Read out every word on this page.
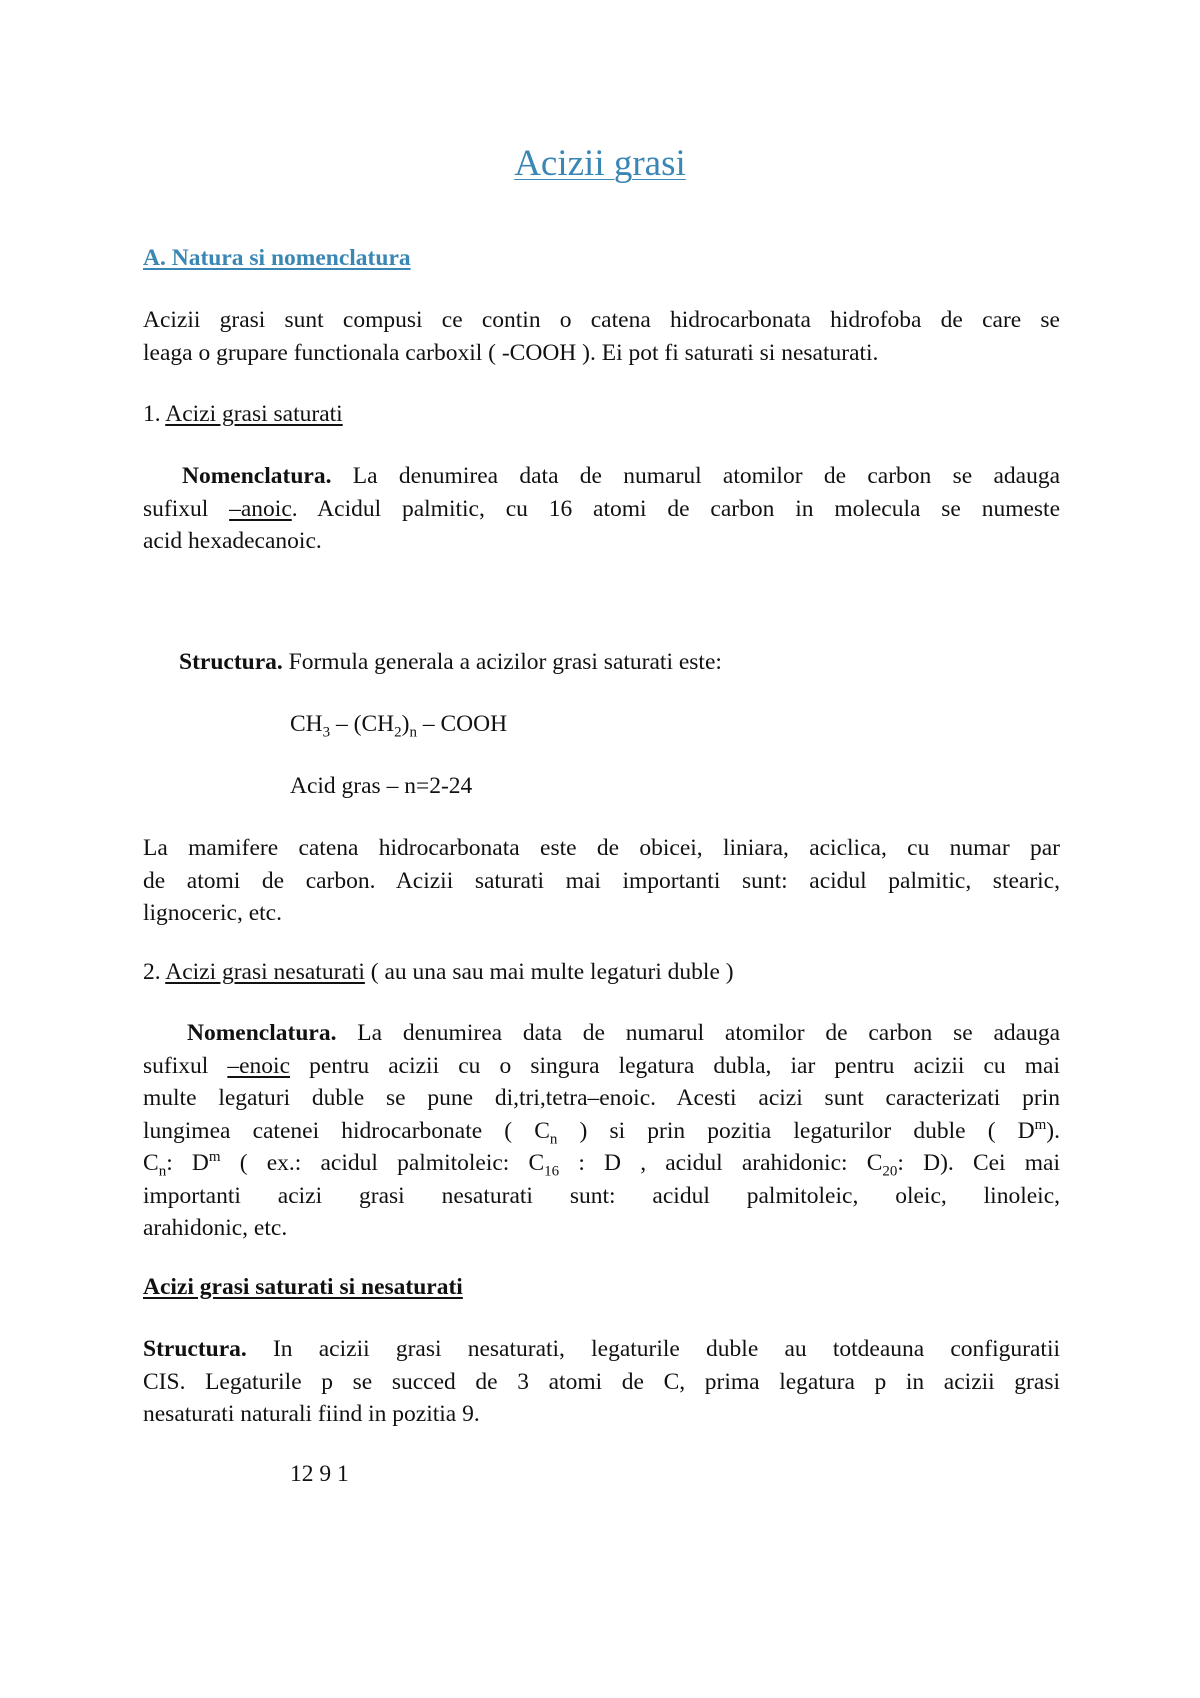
Acizii grasi
A. Natura si nomenclatura
Acizii grasi sunt compusi ce contin o catena hidrocarbonata hidrofoba de care se
leaga o grupare functionala carboxil ( -COOH ). Ei pot fi saturati si nesaturati.
1. Acizi grasi saturati
Nomenclatura. La denumirea data de numarul atomilor de carbon se adauga
sufixul –anoic. Acidul palmitic, cu 16 atomi de carbon in molecula se numeste
acid hexadecanoic.
Structura. Formula generala a acizilor grasi saturati este:
$CH_3 - (CH_2)_n$ – COOH
Acid gras – n=2-24
La mamifere catena hidrocarbonata este de obicei, liniara, aciclica, cu numar par
de atomi de carbon. Acizii saturati mai importanti sunt: acidul palmitic, stearic,
lignoceric, etc.
2. Acizi grasi nesaturati ( au una sau mai multe legaturi duble )
Nomenclatura. La denumirea data de numarul atomilor de carbon se adauga
sufixul –enoic pentru acizii cu o singura legatura dubla, iar pentru acizii cu mai
multe legaturi duble se pune di,tri,tetra–enoic. Acesti acizi sunt caracterizati prin
lungimea catenei hidrocarbonate ( $C_n$ ) si prin pozitia legaturilor duble ( $D^m$).
$C_n$: $D^m$ ( ex.: acidul palmitoleic: $C_{16}$ : D , acidul arahidonic: $C_{20}$: D). Cei mai
importanti acizi grasi nesaturati sunt: acidul palmitoleic, oleic, linoleic,
arahidonic, etc.
Acizi grasi saturati si nesaturati
Structura. In acizii grasi nesaturati, legaturile duble au totdeauna configuratii
CIS. Legaturile p se succed de 3 atomi de C, prima legatura p in acizii grasi
nesaturati naturali fiind in pozitia 9.
12 9 1
